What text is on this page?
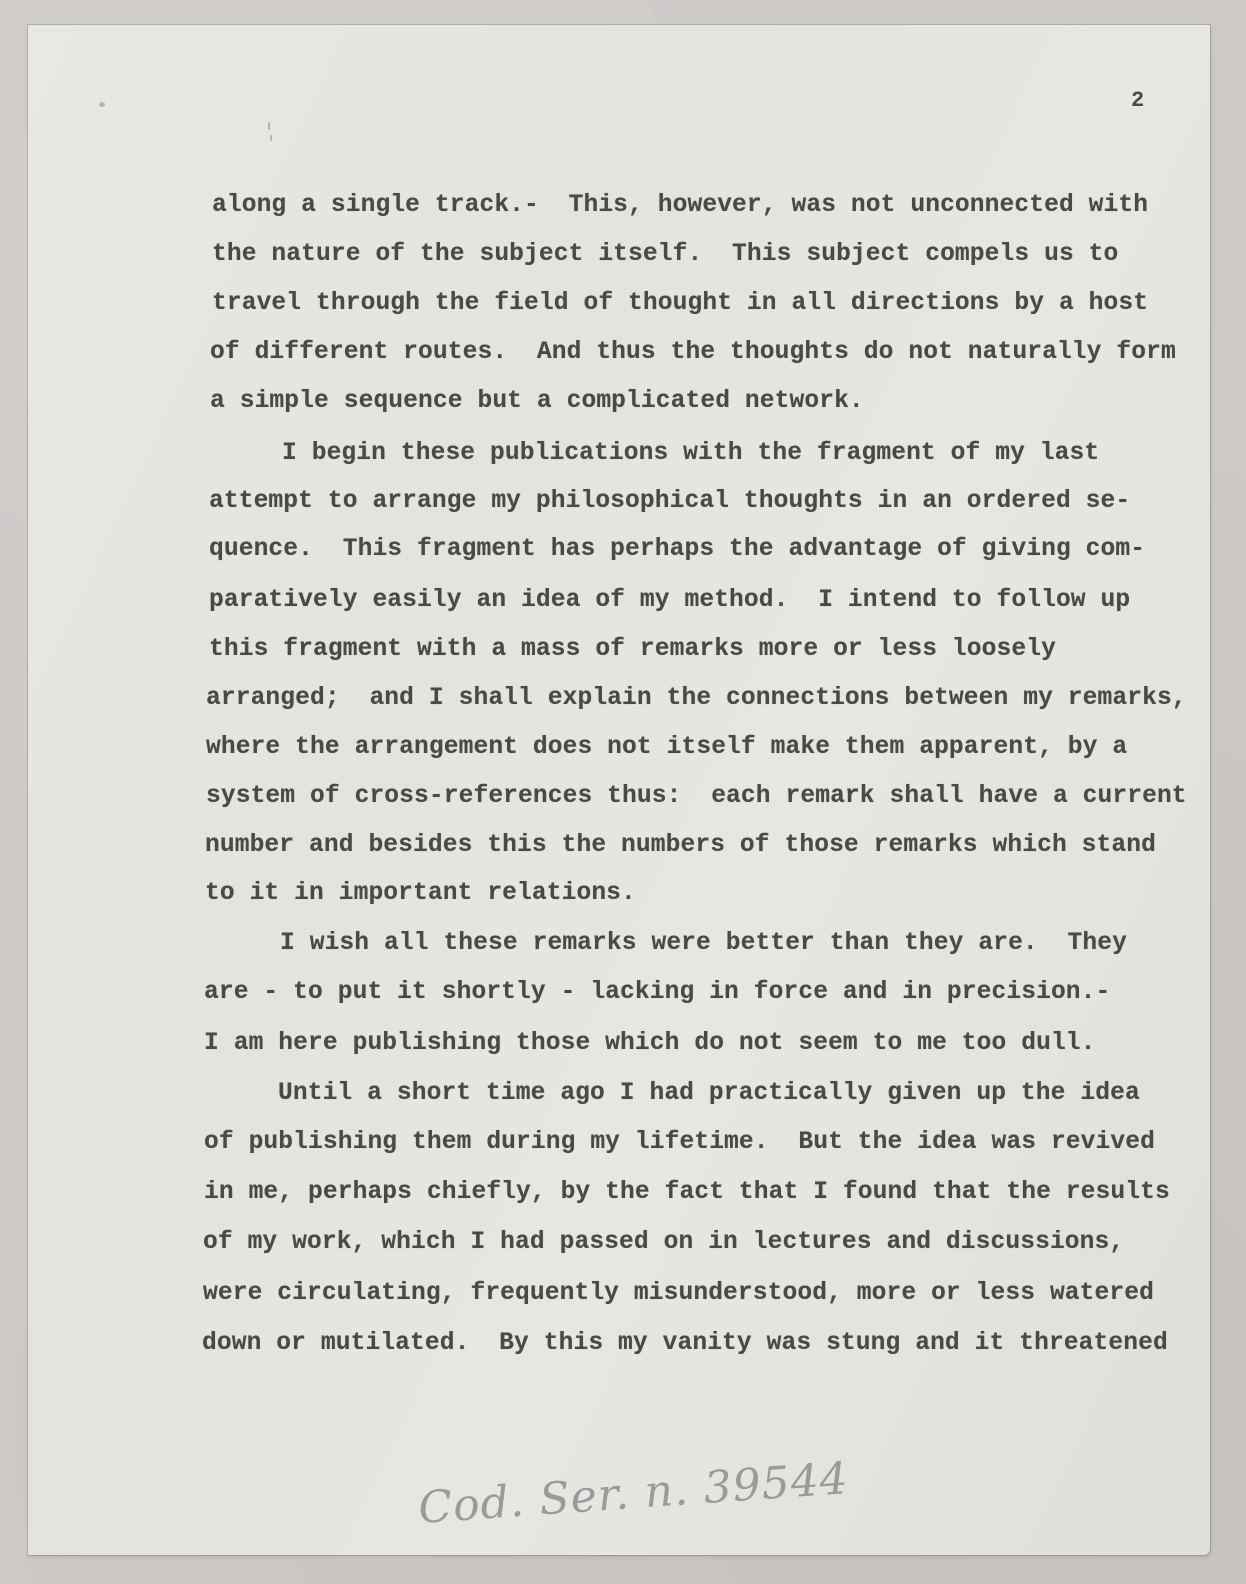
2
along a single track.-  This, however, was not unconnected with
the nature of the subject itself.  This subject compels us to
travel through the field of thought in all directions by a host
of different routes.  And thus the thoughts do not naturally form
a simple sequence but a complicated network.
I begin these publications with the fragment of my last
attempt to arrange my philosophical thoughts in an ordered se-
quence.  This fragment has perhaps the advantage of giving com-
paratively easily an idea of my method.  I intend to follow up
this fragment with a mass of remarks more or less loosely
arranged;  and I shall explain the connections between my remarks,
where the arrangement does not itself make them apparent, by a
system of cross-references thus:  each remark shall have a current
number and besides this the numbers of those remarks which stand
to it in important relations.
I wish all these remarks were better than they are.  They
are - to put it shortly - lacking in force and in precision.-
I am here publishing those which do not seem to me too dull.
Until a short time ago I had practically given up the idea
of publishing them during my lifetime.  But the idea was revived
in me, perhaps chiefly, by the fact that I found that the results
of my work, which I had passed on in lectures and discussions,
were circulating, frequently misunderstood, more or less watered
down or mutilated.  By this my vanity was stung and it threatened
Cod. Ser. n. 39544
